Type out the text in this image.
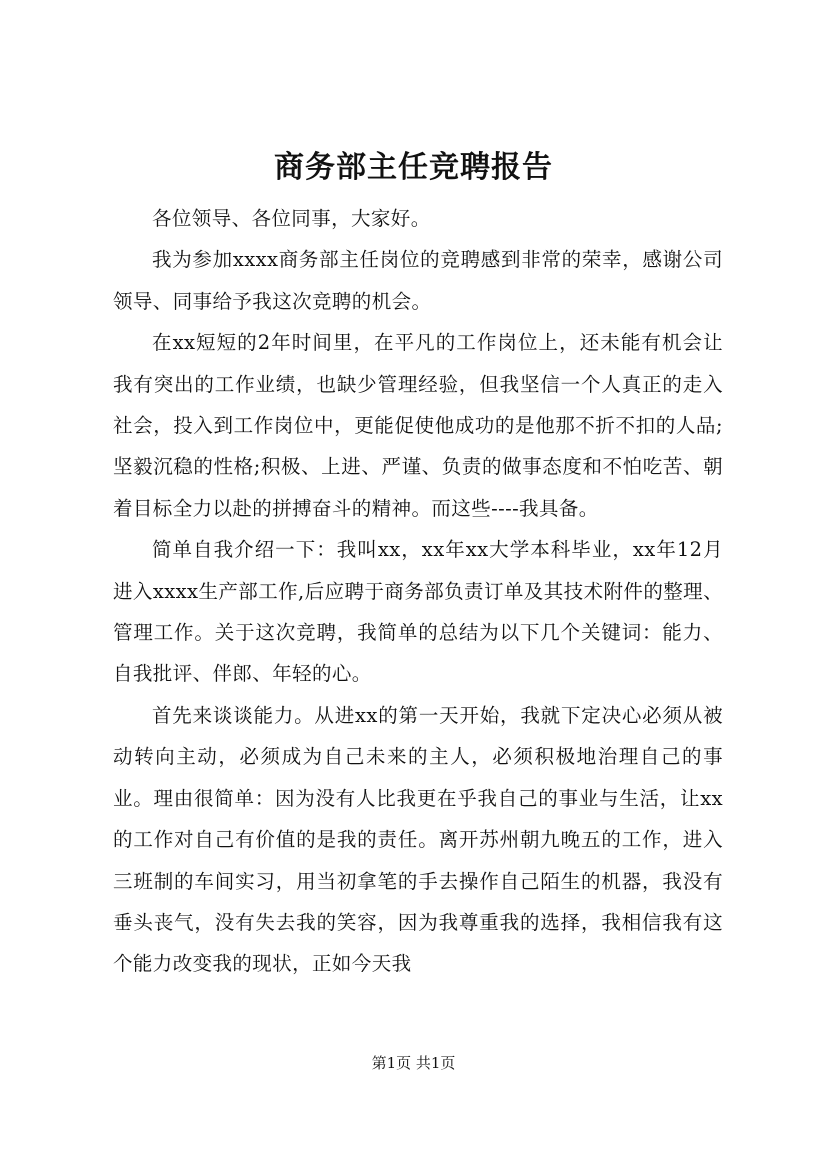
商务部主任竞聘报告

各位领导、各位同事，大家好。

我为参加xxxx商务部主任岗位的竞聘感到非常的荣幸，感谢公司领导、同事给予我这次竞聘的机会。

在xx短短的2年时间里，在平凡的工作岗位上，还未能有机会让我有突出的工作业绩，也缺少管理经验，但我坚信一个人真正的走入社会，投入到工作岗位中，更能促使他成功的是他那不折不扣的人品;坚毅沉稳的性格;积极、上进、严谨、负责的做事态度和不怕吃苦、朝着目标全力以赴的拼搏奋斗的精神。而这些----我具备。

简单自我介绍一下：我叫xx，xx年xx大学本科毕业，xx年12月进入xxxx生产部工作,后应聘于商务部负责订单及其技术附件的整理、管理工作。关于这次竞聘，我简单的总结为以下几个关键词：能力、自我批评、伴郎、年轻的心。

首先来谈谈能力。从进xx的第一天开始，我就下定决心必须从被动转向主动，必须成为自己未来的主人，必须积极地治理自己的事业。理由很简单：因为没有人比我更在乎我自己的事业与生活，让xx的工作对自己有价值的是我的责任。离开苏州朝九晚五的工作，进入三班制的车间实习，用当初拿笔的手去操作自己陌生的机器，我没有垂头丧气，没有失去我的笑容，因为我尊重我的选择，我相信我有这个能力改变我的现状，正如今天我

第1页 共1页
